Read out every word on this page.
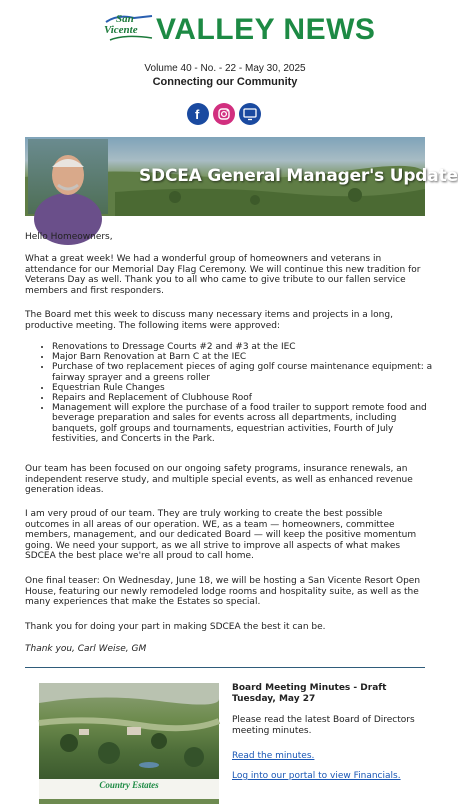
San
Vicente VALLEY NEWS
Volume 40 - No. - 22 - May 30, 2025
Connecting our Community
f
SDCEA General Manager's Update

Hello Homeowners,

What a great week! We had a wonderful group of homeowners and veterans in attendance for our Memorial Day Flag Ceremony. We will continue this new tradition for Veterans Day as well. Thank you to all who came to give tribute to our fallen service members and first responders.

The Board met this week to discuss many necessary items and projects in a long, productive meeting. The following items were approved:

• Renovations to Dressage Courts #2 and #3 at the IEC
• Major Barn Renovation at Barn C at the IEC
• Purchase of two replacement pieces of aging golf course maintenance equipment: a fairway sprayer and a greens roller
• Equestrian Rule Changes
• Repairs and Replacement of Clubhouse Roof
• Management will explore the purchase of a food trailer to support remote food and beverage preparation and sales for events across all departments, including banquets, golf groups and tournaments, equestrian activities, Fourth of July festivities, and Concerts in the Park.

Our team has been focused on our ongoing safety programs, insurance renewals, an independent reserve study, and multiple special events, as well as enhanced revenue generation ideas.

I am very proud of our team. They are truly working to create the best possible outcomes in all areas of our operation. WE, as a team — homeowners, committee members, management, and our dedicated Board — will keep the positive momentum going. We need your support, as we all strive to improve all aspects of what makes SDCEA the best place we're all proud to call home.

One final teaser: On Wednesday, June 18, we will be hosting a San Vicente Resort Open House, featuring our newly remodeled lodge rooms and hospitality suite, as well as the many experiences that make the Estates so special.

Thank you for doing your part in making SDCEA the best it can be.

Thank you, Carl Weise, GM

Country Estates
Board Meeting Minutes - Draft
Tuesday, May 27
Please read the latest Board of Directors meeting minutes.
Read the minutes.
Log into our portal to view Financials.
